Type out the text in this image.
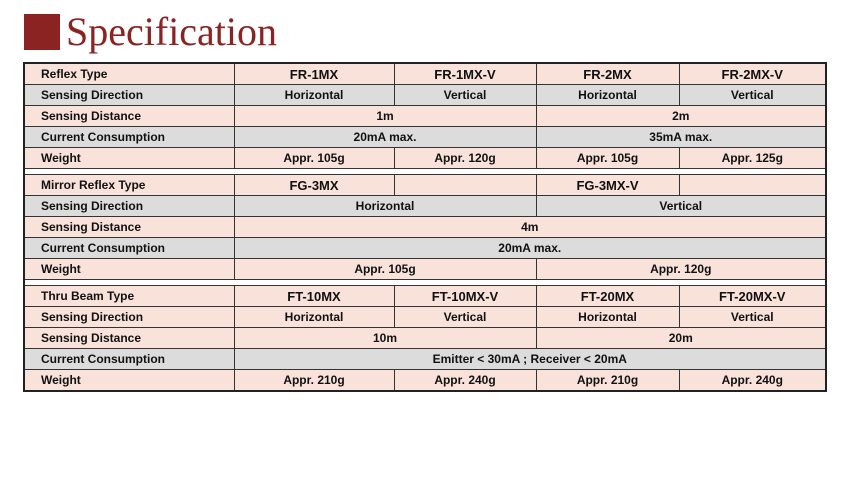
Specification
Reflex Type	FR-1MX	FR-1MX-V	FR-2MX	FR-2MX-V
Sensing Direction	Horizontal	Vertical	Horizontal	Vertical
Sensing Distance	1m		2m	
Current Consumption	20mA max.		35mA max.	
Weight	Appr. 105g	Appr. 120g	Appr. 105g	Appr. 125g

Mirror Reflex Type	FG-3MX		FG-3MX-V	
Sensing Direction	Horizontal		Vertical	
Sensing Distance	4m			
Current Consumption	20mA max.			
Weight	Appr. 105g		Appr. 120g	

Thru Beam Type	FT-10MX	FT-10MX-V	FT-20MX	FT-20MX-V
Sensing Direction	Horizontal	Vertical	Horizontal	Vertical
Sensing Distance	10m		20m	
Current Consumption	Emitter < 30mA ; Receiver < 20mA			
Weight	Appr. 210g	Appr. 240g	Appr. 210g	Appr. 240g
